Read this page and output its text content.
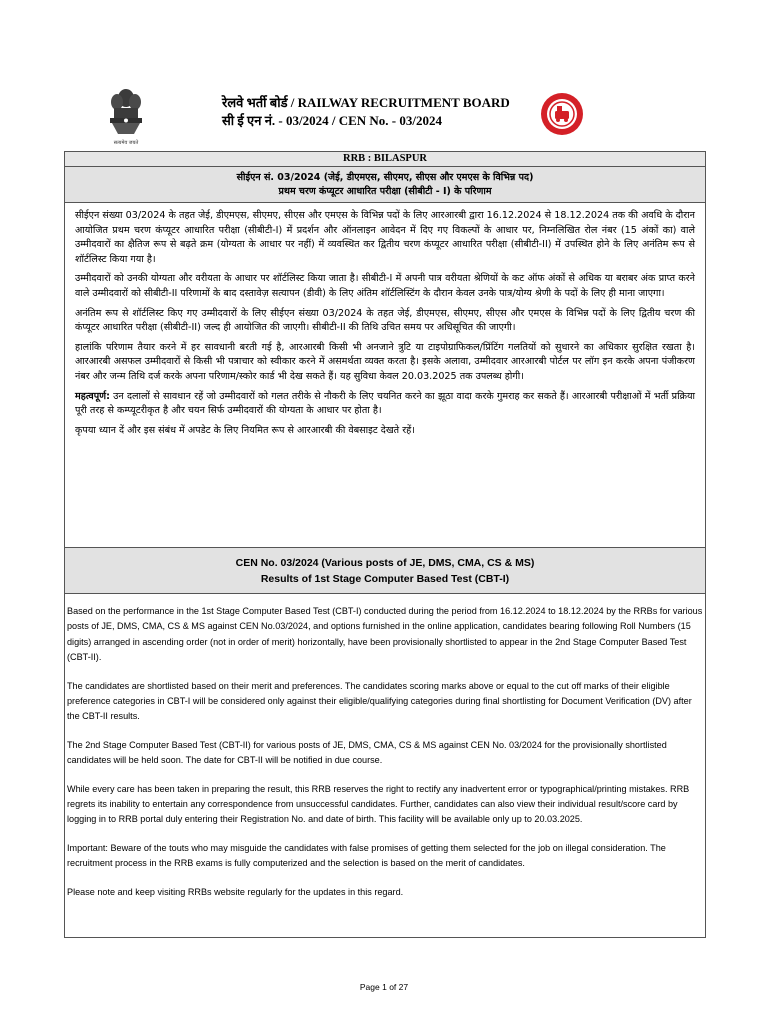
सत्यमेव जयते
रेलवे भर्ती बोर्ड / RAILWAY RECRUITMENT BOARD
सी ई एन नं. - 03/2024 / CEN No. - 03/2024
RRB : BILASPUR
सीईएन सं. 03/2024 (जेई, डीएमएस, सीएमए, सीएस और एमएस के विभिन्न पद)
प्रथम चरण कंप्यूटर आधारित परीक्षा (सीबीटी - I) के परिणाम

सीईएन संख्या 03/2024 के तहत जेई, डीएमएस, सीएमए, सीएस और एमएस के विभिन्न पदों के लिए आरआरबी द्वारा 16.12.2024 से 18.12.2024 तक की अवधि के दौरान आयोजित प्रथम चरण कंप्यूटर आधारित परीक्षा (सीबीटी-I) में प्रदर्शन और ऑनलाइन आवेदन में दिए गए विकल्पों के आधार पर, निम्नलिखित रोल नंबर (15 अंकों का) वाले उम्मीदवारों का क्षैतिज रूप से बढ़ते क्रम (योग्यता के आधार पर नहीं) में व्यवस्थित कर द्वितीय चरण कंप्यूटर आधारित परीक्षा (सीबीटी-II) में उपस्थित होने के लिए अनंतिम रूप से शॉर्टलिस्ट किया गया है।

उम्मीदवारों को उनकी योग्यता और वरीयता के आधार पर शॉर्टलिस्ट किया जाता है। सीबीटी-I में अपनी पात्र वरीयता श्रेणियों के कट ऑफ अंकों से अधिक या बराबर अंक प्राप्त करने वाले उम्मीदवारों को सीबीटी-II परिणामों के बाद दस्तावेज़ सत्यापन (डीवी) के लिए अंतिम शॉर्टलिस्टिंग के दौरान केवल उनके पात्र/योग्य श्रेणी के पदों के लिए ही माना जाएगा।

अनंतिम रूप से शॉर्टलिस्ट किए गए उम्मीदवारों के लिए सीईएन संख्या 03/2024 के तहत जेई, डीएमएस, सीएमए, सीएस और एमएस के विभिन्न पदों के लिए द्वितीय चरण की कंप्यूटर आधारित परीक्षा (सीबीटी-II) जल्द ही आयोजित की जाएगी। सीबीटी-II की तिथि उचित समय पर अधिसूचित की जाएगी।

हालांकि परिणाम तैयार करने में हर सावधानी बरती गई है, आरआरबी किसी भी अनजाने त्रुटि या टाइपोग्राफिकल/प्रिंटिंग गलतियों को सुधारने का अधिकार सुरक्षित रखता है। आरआरबी असफल उम्मीदवारों से किसी भी पत्राचार को स्वीकार करने में असमर्थता व्यक्त करता है। इसके अलावा, उम्मीदवार आरआरबी पोर्टल पर लॉग इन करके अपना पंजीकरण नंबर और जन्म तिथि दर्ज करके अपना परिणाम/स्कोर कार्ड भी देख सकते हैं। यह सुविधा केवल 20.03.2025 तक उपलब्ध होगी।

महत्वपूर्ण: उन दलालों से सावधान रहें जो उम्मीदवारों को गलत तरीके से नौकरी के लिए चयनित करने का झूठा वादा करके गुमराह कर सकते हैं। आरआरबी परीक्षाओं में भर्ती प्रक्रिया पूरी तरह से कम्प्यूटरीकृत है और चयन सिर्फ उम्मीदवारों की योग्यता के आधार पर होता है।

कृपया ध्यान दें और इस संबंध में अपडेट के लिए नियमित रूप से आरआरबी की वेबसाइट देखते रहें।

CEN No. 03/2024 (Various posts of JE, DMS, CMA, CS & MS)
Results of 1st Stage Computer Based Test (CBT-I)

Based on the performance in the 1st Stage Computer Based Test (CBT-I) conducted during the period from 16.12.2024 to 18.12.2024 by the RRBs for various posts of JE, DMS, CMA, CS & MS against CEN No.03/2024, and options furnished in the online application, candidates bearing following Roll Numbers (15 digits) arranged in ascending order (not in order of merit) horizontally, have been provisionally shortlisted to appear in the 2nd Stage Computer Based Test (CBT-II).

The candidates are shortlisted based on their merit and preferences. The candidates scoring marks above or equal to the cut off marks of their eligible preference categories in CBT-I will be considered only against their eligible/qualifying categories during final shortlisting for Document Verification (DV) after the CBT-II results.

The 2nd Stage Computer Based Test (CBT-II) for various posts of JE, DMS, CMA, CS & MS against CEN No. 03/2024 for the provisionally shortlisted candidates will be held soon. The date for CBT-II will be notified in due course.

While every care has been taken in preparing the result, this RRB reserves the right to rectify any inadvertent error or typographical/printing mistakes. RRB regrets its inability to entertain any correspondence from unsuccessful candidates. Further, candidates can also view their individual result/score card by logging in to RRB portal duly entering their Registration No. and date of birth. This facility will be available only up to 20.03.2025.

Important: Beware of the touts who may misguide the candidates with false promises of getting them selected for the job on illegal consideration. The recruitment process in the RRB exams is fully computerized and the selection is based on the merit of candidates.

Please note and keep visiting RRBs website regularly for the updates in this regard.

Page 1 of 27
